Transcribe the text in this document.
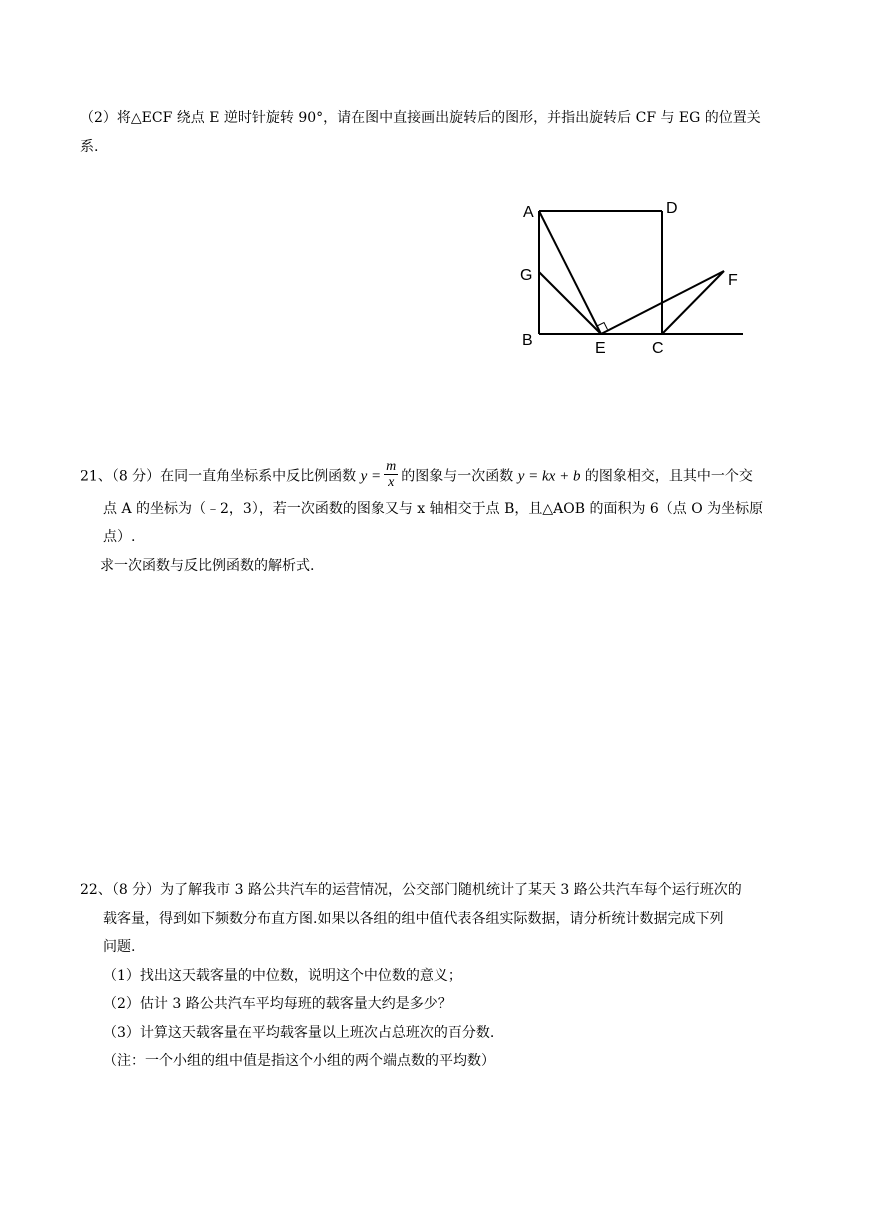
（2）将△ECF 绕点 E 逆时针旋转 90°，请在图中直接画出旋转后的图形，并指出旋转后 CF 与 EG 的位置关
系.
A	D
G	F
B	E	C
21、（8 分）在同一直角坐标系中反比例函数 $y = \frac{m}{x}$ 的图象与一次函数 y = kx + b 的图象相交，且其中一个交
点 A 的坐标为（﹣2，3），若一次函数的图象又与 x 轴相交于点 B，且△AOB 的面积为 6（点 O 为坐标原
点）.
求一次函数与反比例函数的解析式.
22、（8 分）为了解我市 3 路公共汽车的运营情况，公交部门随机统计了某天 3 路公共汽车每个运行班次的
载客量，得到如下频数分布直方图.如果以各组的组中值代表各组实际数据，请分析统计数据完成下列
问题.
（1）找出这天载客量的中位数，说明这个中位数的意义；
（2）估计 3 路公共汽车平均每班的载客量大约是多少？
（3）计算这天载客量在平均载客量以上班次占总班次的百分数.
（注：一个小组的组中值是指这个小组的两个端点数的平均数）
